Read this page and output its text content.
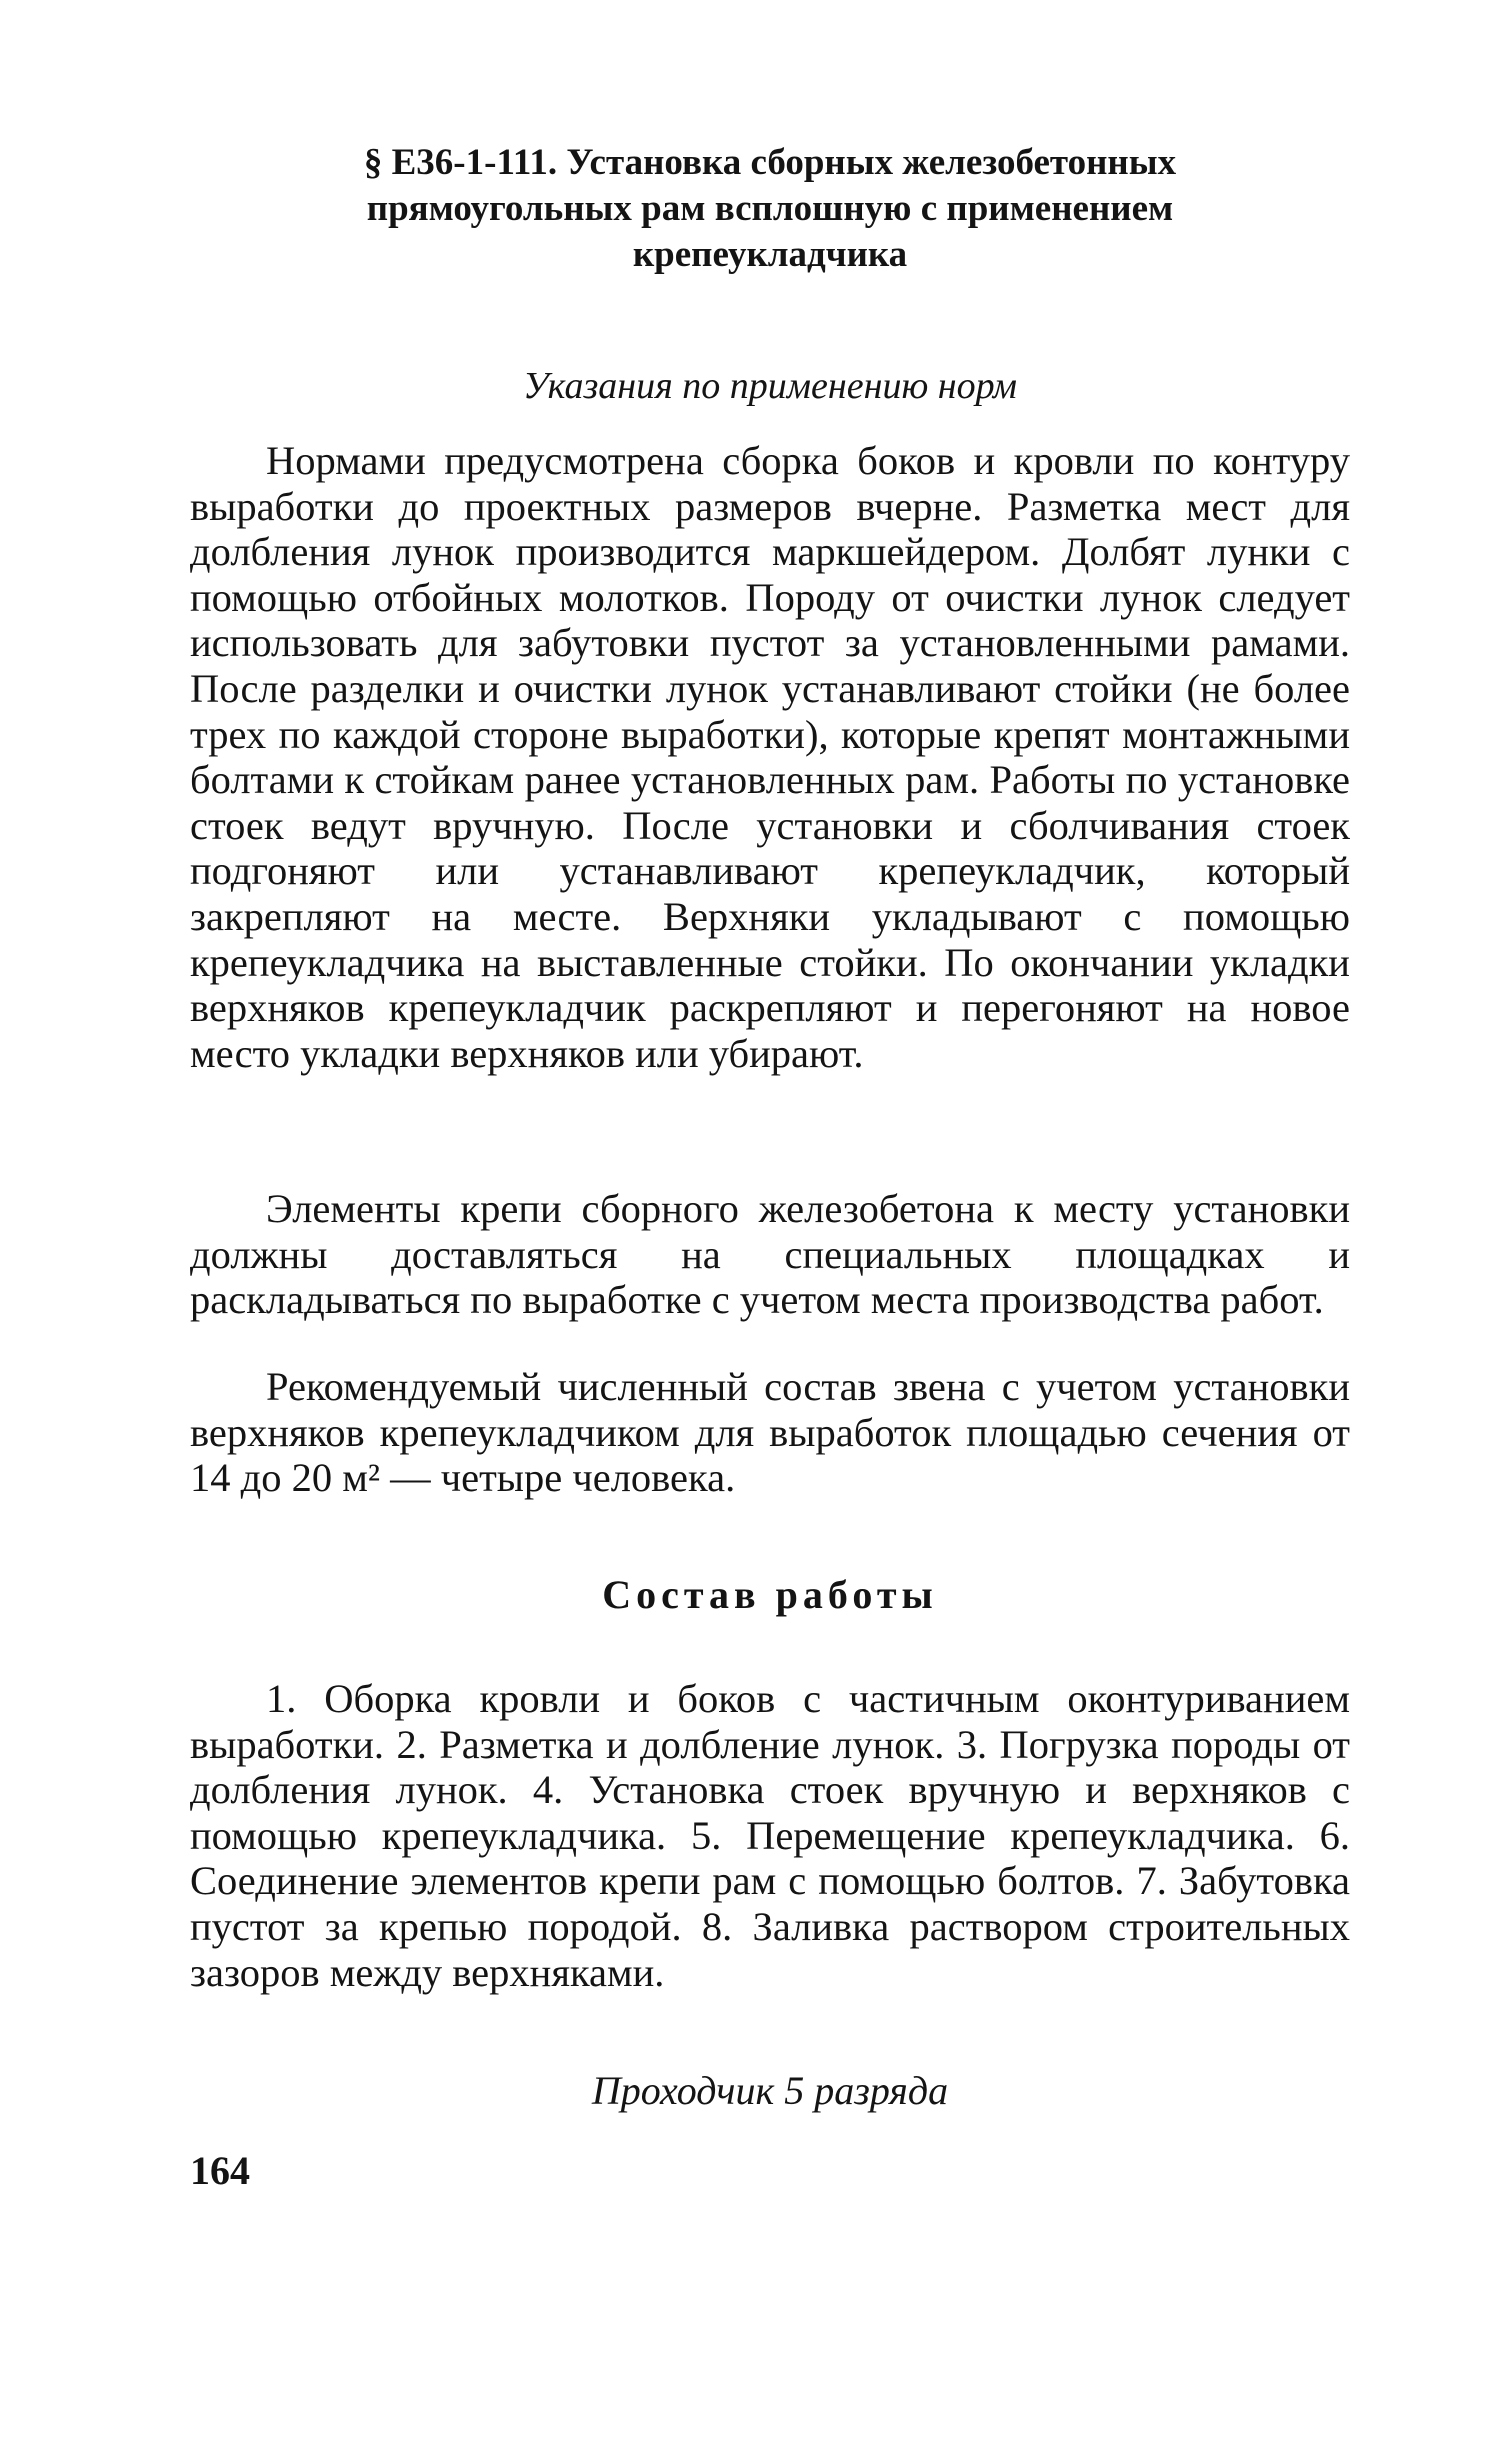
§ Е36-1-111. Установка сборных железобетонных
прямоугольных рам всплошную с применением
крепеукладчика
Указания по применению норм

Нормами предусмотрена сборка боков и кровли по контуру выработки до проектных размеров вчерне. Разметка мест для долбления лунок производится маркшейдером. Долбят лунки с помощью отбойных молотков. Породу от очистки лунок следует использовать для забутовки пустот за установленными рамами. После разделки и очистки лунок устанавливают стойки (не более трех по каждой стороне выработки), которые крепят монтажными болтами к стойкам ранее установленных рам. Работы по установке стоек ведут вручную. После установки и сболчивания стоек подгоняют или устанавливают крепеукладчик, который закрепляют на месте. Верхняки укладывают с помощью крепеукладчика на выставленные стойки. По окончании укладки верхняков крепеукладчик раскрепляют и перегоняют на новое место укладки верхняков или убирают.

Элементы крепи сборного железобетона к месту установки должны доставляться на специальных площадках и раскладываться по выработке с учетом места производства работ.

Рекомендуемый численный состав звена с учетом установки верхняков крепеукладчиком для выработок площадью сечения от 14 до 20 м² — четыре человека.

Состав работы

1. Оборка кровли и боков с частичным оконтуриванием выработки. 2. Разметка и долбление лунок. 3. Погрузка породы от долбления лунок. 4. Установка стоек вручную и верхняков с помощью крепеукладчика. 5. Перемещение крепеукладчика. 6. Соединение элементов крепи рам с помощью болтов. 7. Забутовка пустот за крепью породой. 8. Заливка раствором строительных зазоров между верхняками.

Проходчик 5 разряда
164
